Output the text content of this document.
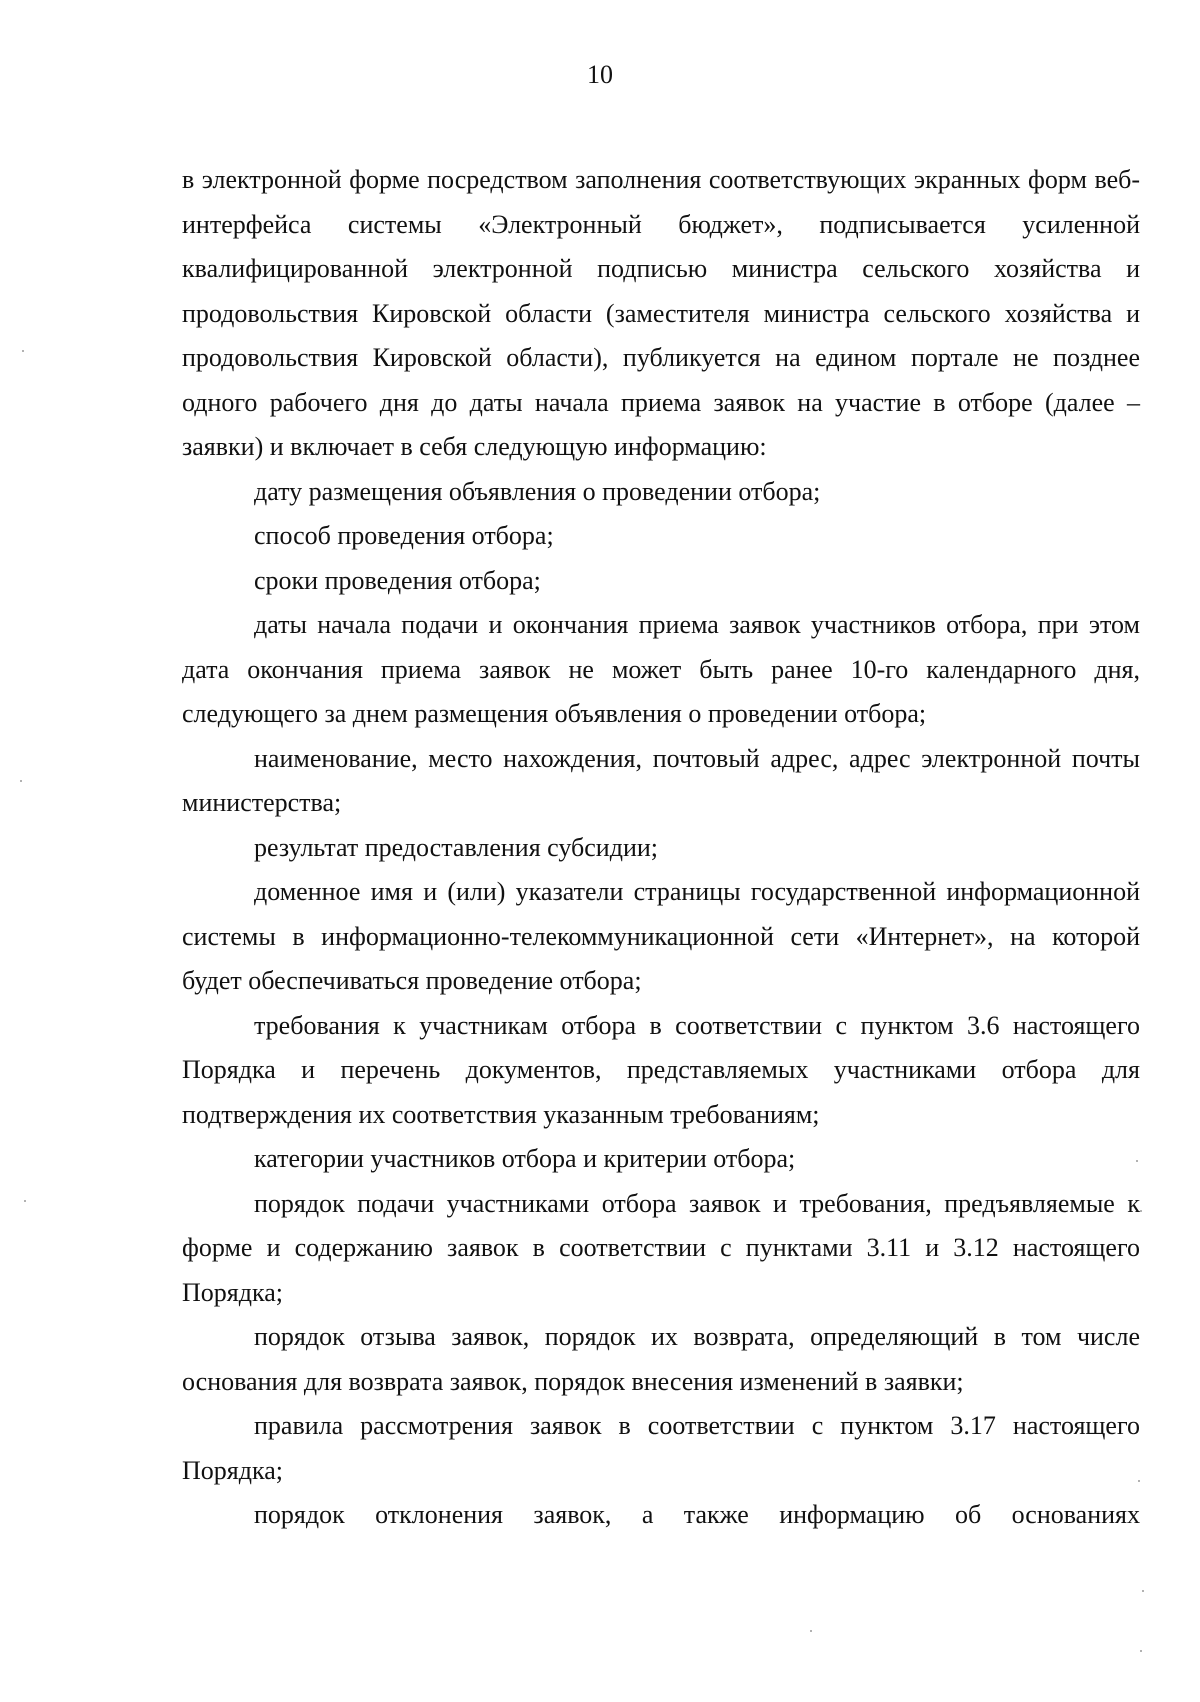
10

в электронной форме посредством заполнения соответствующих экранных форм веб-интерфейса системы «Электронный бюджет», подписывается усиленной квалифицированной электронной подписью министра сельского хозяйства и продовольствия Кировской области (заместителя министра сельского хозяйства и продовольствия Кировской области), публикуется на едином портале не позднее одного рабочего дня до даты начала приема заявок на участие в отборе (далее – заявки) и включает в себя следующую информацию:

дату размещения объявления о проведении отбора;

способ проведения отбора;

сроки проведения отбора;

даты начала подачи и окончания приема заявок участников отбора, при этом дата окончания приема заявок не может быть ранее 10-го календарного дня, следующего за днем размещения объявления о проведении отбора;

наименование, место нахождения, почтовый адрес, адрес электронной почты министерства;

результат предоставления субсидии;

доменное имя и (или) указатели страницы государственной информационной системы в информационно-телекоммуникационной сети «Интернет», на которой будет обеспечиваться проведение отбора;

требования к участникам отбора в соответствии с пунктом 3.6 настоящего Порядка и перечень документов, представляемых участниками отбора для подтверждения их соответствия указанным требованиям;

категории участников отбора и критерии отбора;

порядок подачи участниками отбора заявок и требования, предъявляемые к форме и содержанию заявок в соответствии с пунктами 3.11 и 3.12 настоящего Порядка;

порядок отзыва заявок, порядок их возврата, определяющий в том числе основания для возврата заявок, порядок внесения изменений в заявки;

правила рассмотрения заявок в соответствии с пунктом 3.17 настоящего Порядка;

порядок отклонения заявок, а также информацию об основаниях
